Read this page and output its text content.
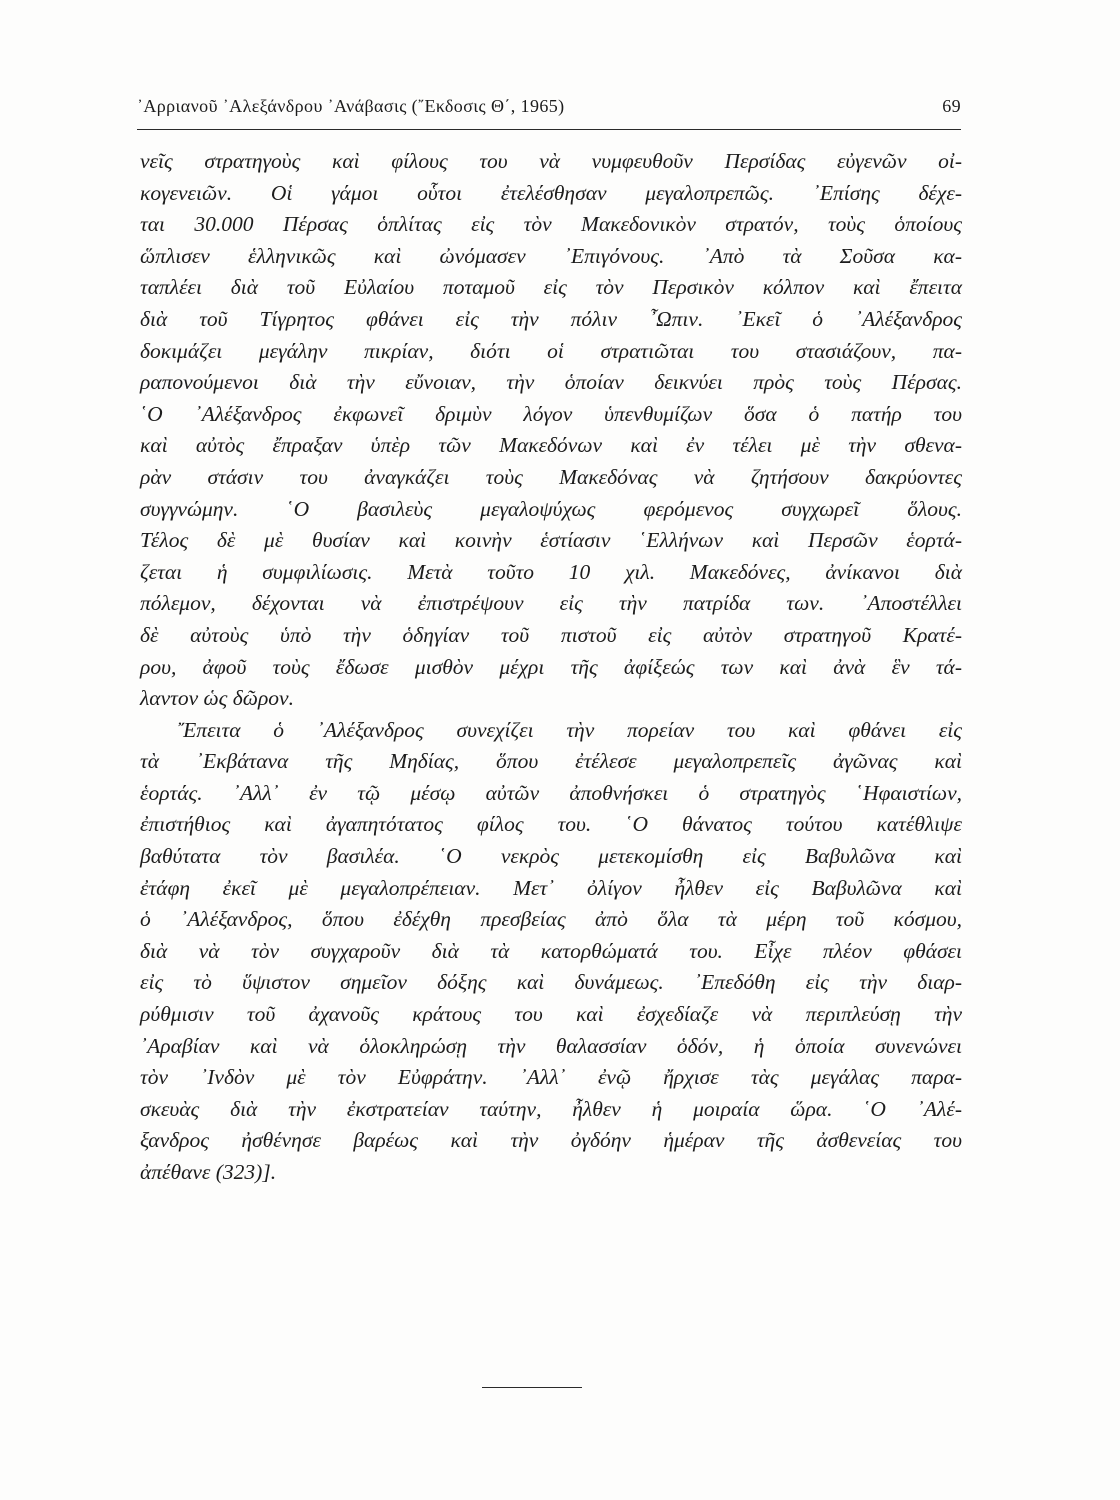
᾿Αρριανοῦ ᾿Αλεξάνδρου ᾿Ανάβασις (῎Εκδοσις Θ΄, 1965)	69
νεῖς στρατηγοὺς καὶ φίλους του νὰ νυμφευθοῦν Περσίδας εὐγενῶν οἰ-
κογενειῶν. Οἱ γάμοι οὗτοι ἐτελέσθησαν μεγαλοπρεπῶς. ᾿Επίσης δέχε-
ται 30.000 Πέρσας ὁπλίτας εἰς τὸν Μακεδονικὸν στρατόν, τοὺς ὁποίους
ὥπλισεν ἑλληνικῶς καὶ ὠνόμασεν ᾿Επιγόνους. ᾿Απὸ τὰ Σοῦσα κα-
ταπλέει διὰ τοῦ Εὐλαίου ποταμοῦ εἰς τὸν Περσικὸν κόλπον καὶ ἔπειτα
διὰ τοῦ Τίγρητος φθάνει εἰς τὴν πόλιν ῏Ωπιν. ᾿Εκεῖ ὁ ᾿Αλέξανδρος
δοκιμάζει μεγάλην πικρίαν, διότι οἱ στρατιῶται του στασιάζουν, πα-
ραπονούμενοι διὰ τὴν εὔνοιαν, τὴν ὁποίαν δεικνύει πρὸς τοὺς Πέρσας.
῾Ο ᾿Αλέξανδρος ἐκφωνεῖ δριμὺν λόγον ὑπενθυμίζων ὅσα ὁ πατήρ του
καὶ αὐτὸς ἔπραξαν ὑπὲρ τῶν Μακεδόνων καὶ ἐν τέλει μὲ τὴν σθενα-
ρὰν στάσιν του ἀναγκάζει τοὺς Μακεδόνας νὰ ζητήσουν δακρύοντες
συγγνώμην. ῾Ο βασιλεὺς μεγαλοψύχως φερόμενος συγχωρεῖ ὅλους.
Τέλος δὲ μὲ θυσίαν καὶ κοινὴν ἑστίασιν ῾Ελλήνων καὶ Περσῶν ἑορτά-
ζεται ἡ συμφιλίωσις. Μετὰ τοῦτο 10 χιλ. Μακεδόνες, ἀνίκανοι διὰ
πόλεμον, δέχονται νὰ ἐπιστρέψουν εἰς τὴν πατρίδα των. ᾿Αποστέλλει
δὲ αὐτοὺς ὑπὸ τὴν ὁδηγίαν τοῦ πιστοῦ εἰς αὐτὸν στρατηγοῦ Κρατέ-
ρου, ἀφοῦ τοὺς ἔδωσε μισθὸν μέχρι τῆς ἀφίξεώς των καὶ ἀνὰ ἓν τά-
λαντον ὡς δῶρον.
῎Επειτα ὁ ᾿Αλέξανδρος συνεχίζει τὴν πορείαν του καὶ φθάνει εἰς
τὰ ᾿Εκβάτανα τῆς Μηδίας, ὅπου ἐτέλεσε μεγαλοπρεπεῖς ἀγῶνας καὶ
ἑορτάς. ᾿Αλλ᾿ ἐν τῷ μέσῳ αὐτῶν ἀποθνήσκει ὁ στρατηγὸς ῾Ηφαιστίων,
ἐπιστήθιος καὶ ἀγαπητότατος φίλος του. ῾Ο θάνατος τούτου κατέθλιψε
βαθύτατα τὸν βασιλέα. ῾Ο νεκρὸς μετεκομίσθη εἰς Βαβυλῶνα καὶ
ἐτάφη ἐκεῖ μὲ μεγαλοπρέπειαν. Μετ᾿ ὀλίγον ἦλθεν εἰς Βαβυλῶνα καὶ
ὁ ᾿Αλέξανδρος, ὅπου ἐδέχθη πρεσβείας ἀπὸ ὅλα τὰ μέρη τοῦ κόσμου,
διὰ νὰ τὸν συγχαροῦν διὰ τὰ κατορθώματά του. Εἶχε πλέον φθάσει
εἰς τὸ ὕψιστον σημεῖον δόξης καὶ δυνάμεως. ᾿Επεδόθη εἰς τὴν διαρ-
ρύθμισιν τοῦ ἀχανοῦς κράτους του καὶ ἐσχεδίαζε νὰ περιπλεύσῃ τὴν
᾿Αραβίαν καὶ νὰ ὁλοκληρώσῃ τὴν θαλασσίαν ὁδόν, ἡ ὁποία συνενώνει
τὸν ᾿Ινδὸν μὲ τὸν Εὐφράτην. ᾿Αλλ᾿ ἐνῷ ἤρχισε τὰς μεγάλας παρα-
σκευὰς διὰ τὴν ἐκστρατείαν ταύτην, ἦλθεν ἡ μοιραία ὥρα. ῾Ο ᾿Αλέ-
ξανδρος ἠσθένησε βαρέως καὶ τὴν ὀγδόην ἡμέραν τῆς ἀσθενείας του
ἀπέθανε (323)].
